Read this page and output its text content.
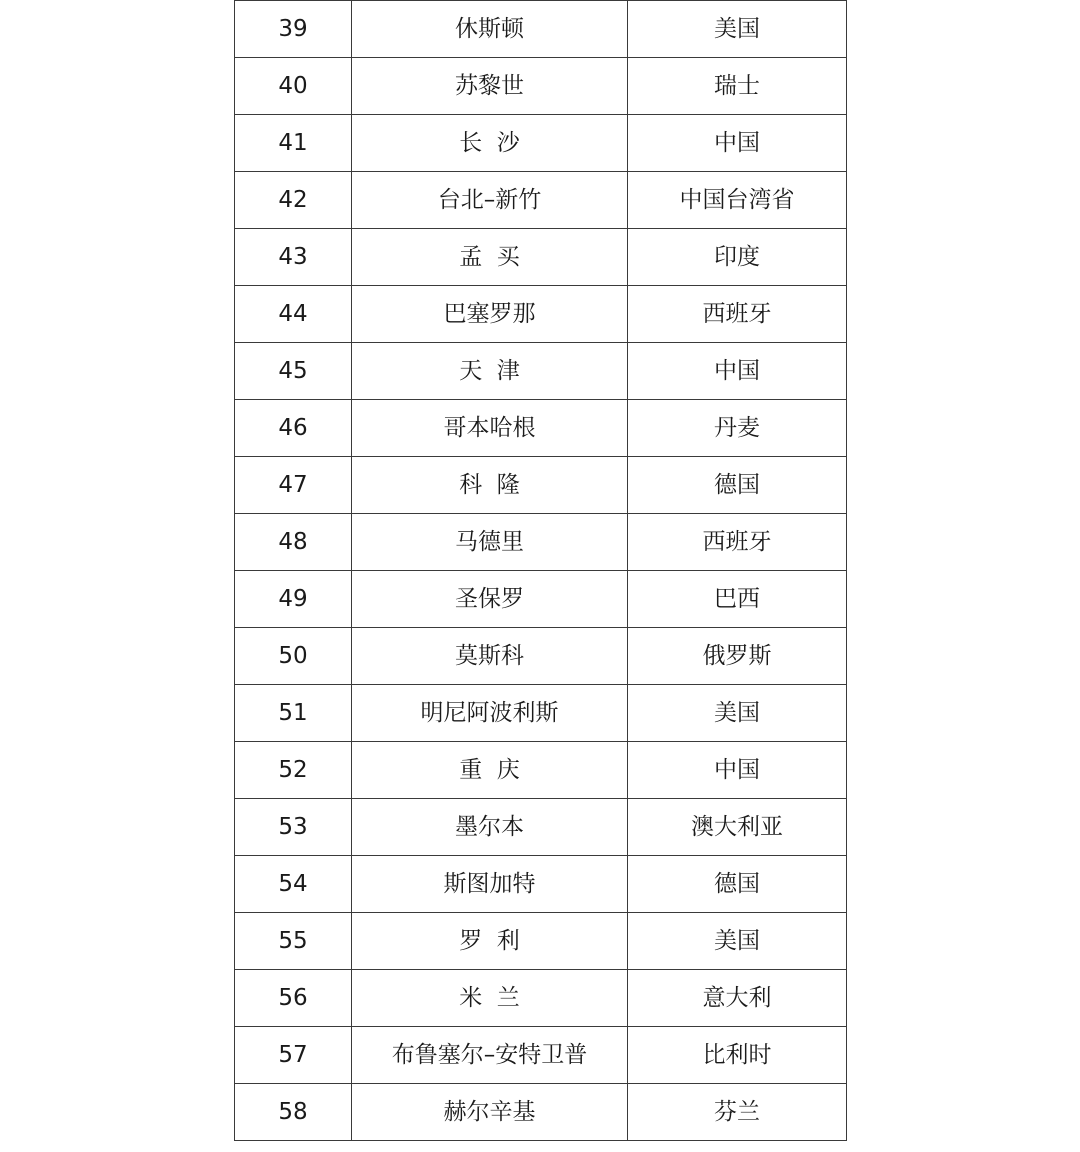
39	休斯顿	美国
40	苏黎世	瑞士
41	长  沙	中国
42	台北–新竹	中国台湾省
43	孟  买	印度
44	巴塞罗那	西班牙
45	天  津	中国
46	哥本哈根	丹麦
47	科  隆	德国
48	马德里	西班牙
49	圣保罗	巴西
50	莫斯科	俄罗斯
51	明尼阿波利斯	美国
52	重  庆	中国
53	墨尔本	澳大利亚
54	斯图加特	德国
55	罗  利	美国
56	米  兰	意大利
57	布鲁塞尔–安特卫普	比利时
58	赫尔辛基	芬兰
